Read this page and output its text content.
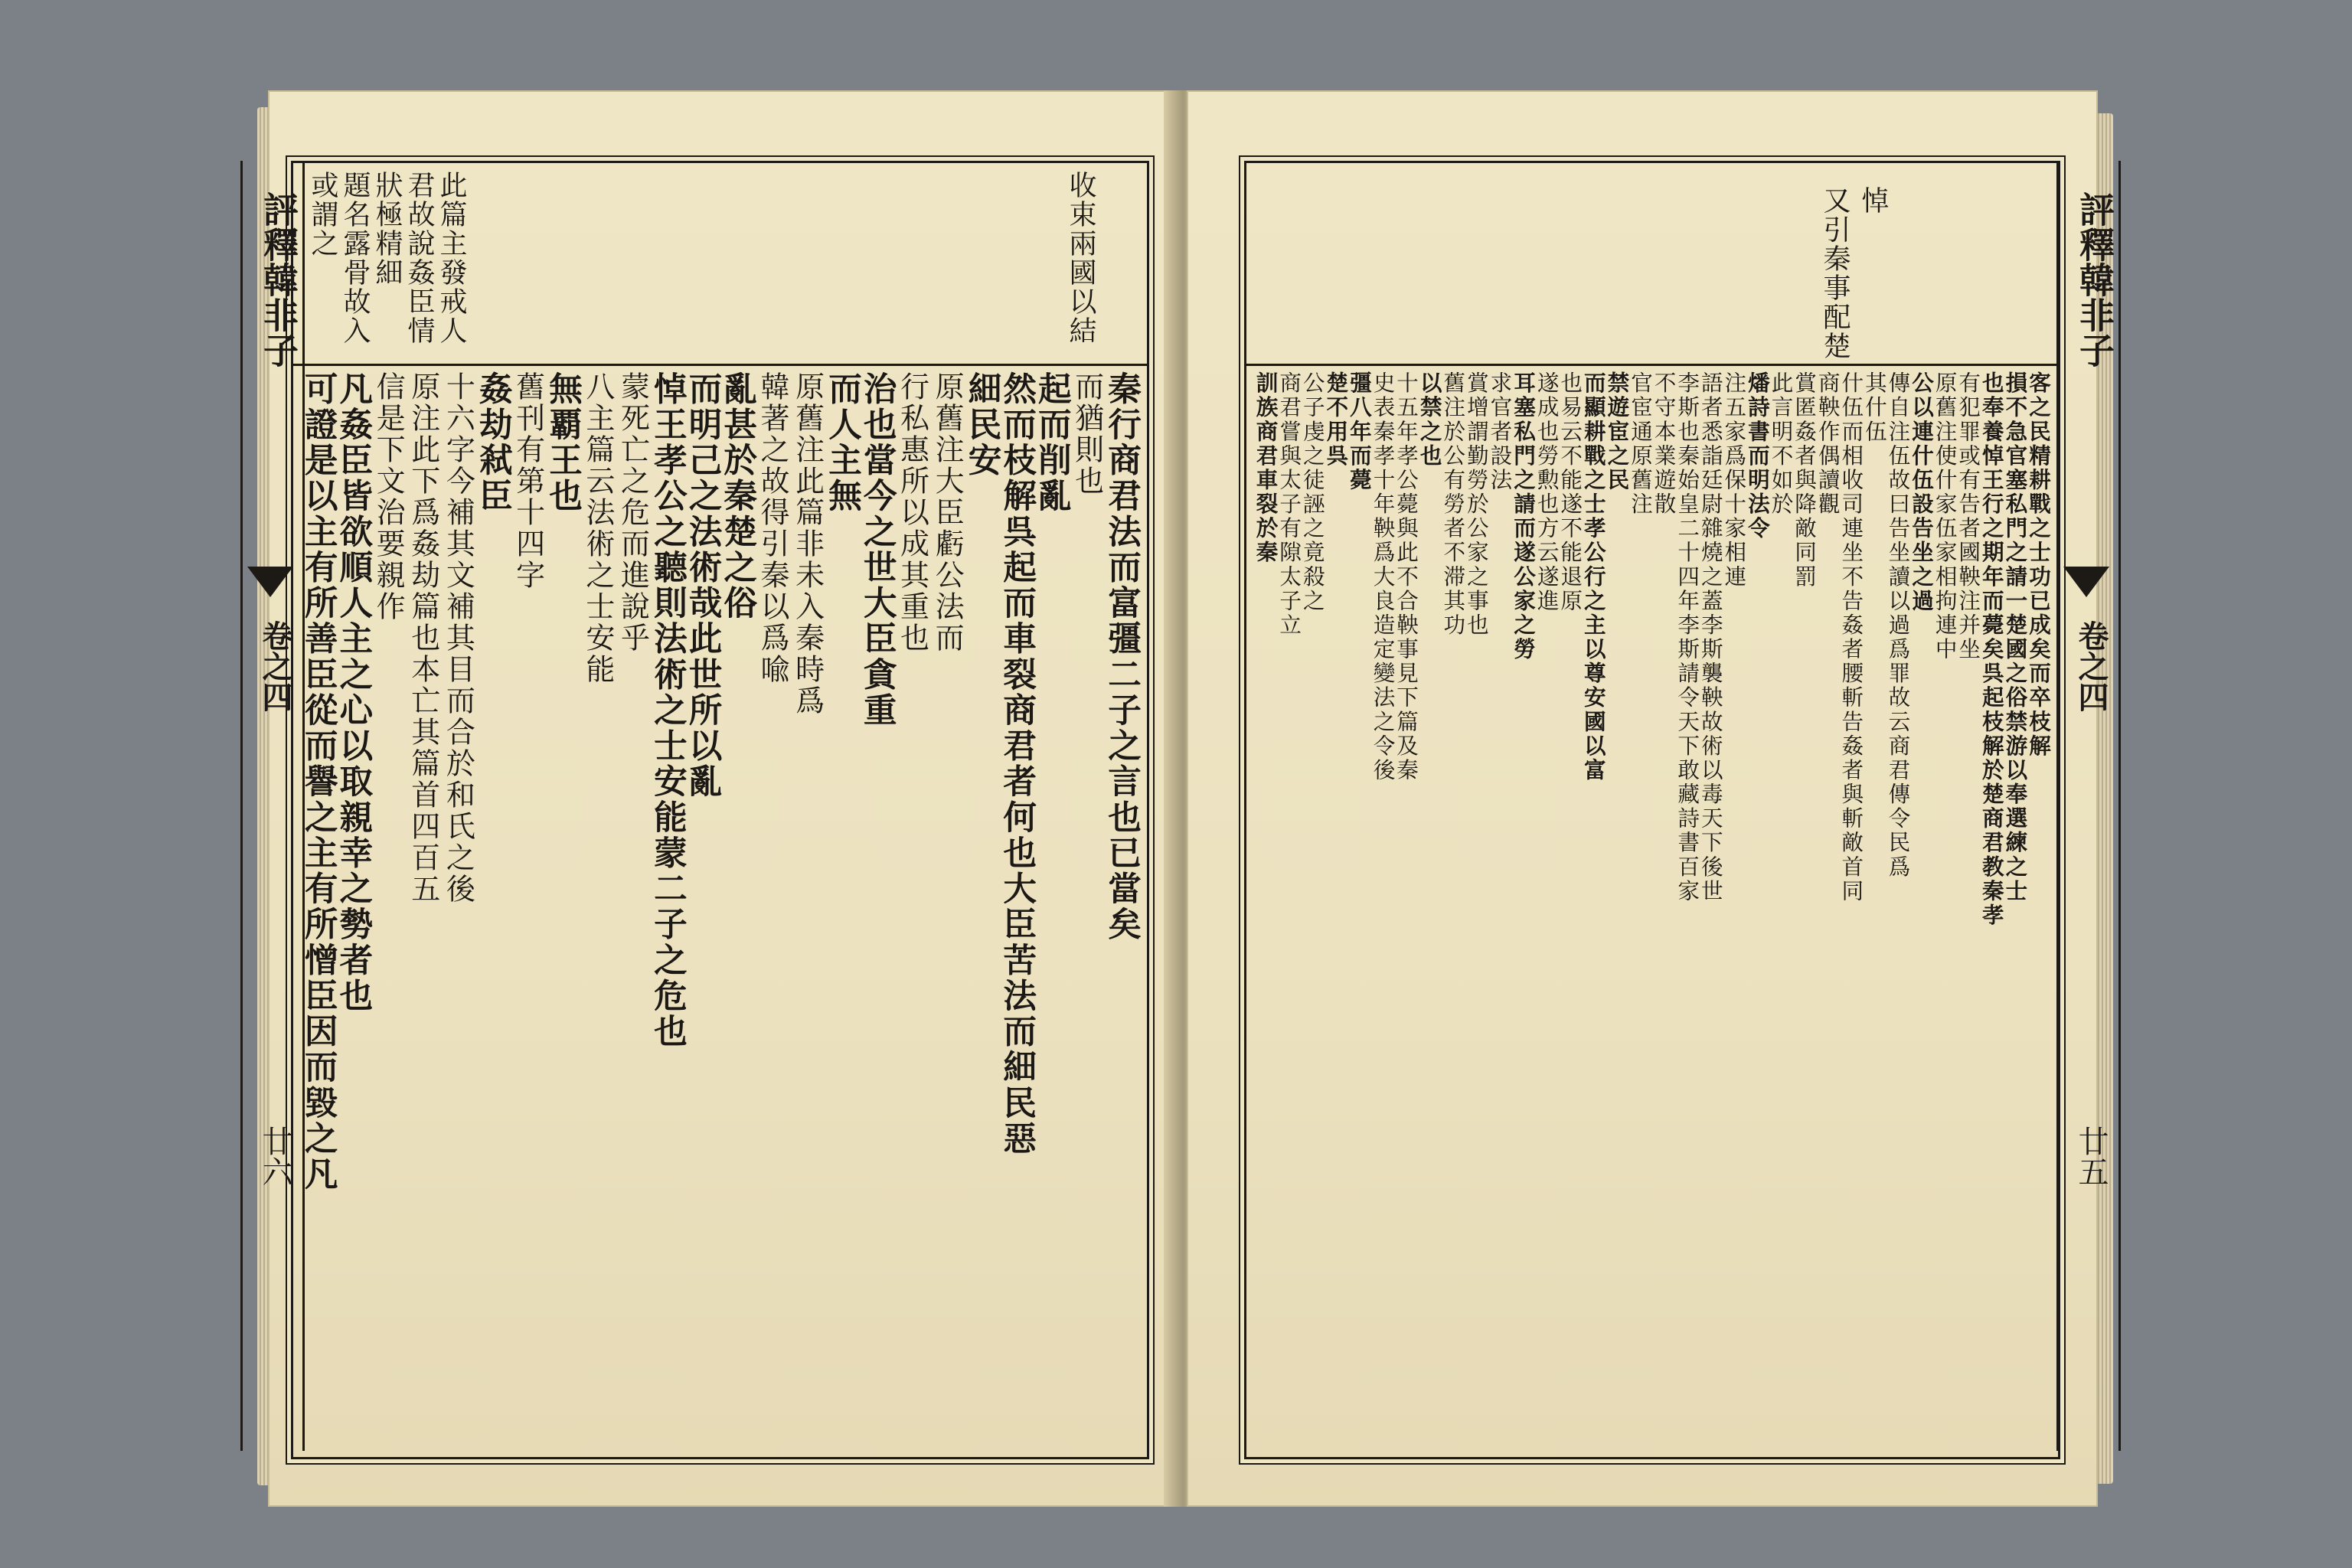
或謂之 題名露骨故入 狀極精細 君故說姦臣情 此篇主發戒人	收束兩國以結
可證是以主有所善臣從而譽之主有所憎臣因而毀之凡
凡姦臣皆欲順人主之心以取親幸之勢者也
信是下文治要親作 原注此下爲姦劫篇也本亡其篇首四百五 十六字今補其文補其目而合於和氏之後
姦劫弒臣
舊刊有第十四字
無覇王也
八主篇云法術之士安能 蒙死亡之危而進說乎
悼王孝公之聽則法術之士安能蒙二子之危也
而明己之法術哉此世所以亂
亂甚於秦楚之俗
韓著之故得引秦以爲喩 原舊注此篇非未入秦時爲
而人主無
治也當今之世大臣貪重
行私惠所以成其重也 原舊注大臣虧公法而
細民安
然而枝解呉起而車裂商君者何也大臣苦法而細民惡
起而削亂
而猶則也
秦行商君法而富彊二子之言也已當矣
評釋韓非子
卷之四
廿六
又引秦事配楚 悼
訓族商君車裂於秦
商君嘗與太子有隙太子立
公子虔之徒誣之竟殺之
楚不用呉
彊八年而薨
史表秦孝十年鞅爲大良造定變法之令後
十五年孝公薨與此不合鞅事見下篇及秦
以禁之也
舊注於公有勞者不滞其功
賞增謂勤勞於公家之事也
求官者設法
耳塞私門之請而遂公家之勞
遂成也勞勲也方云遂進
也易云不能遂不能退原
而顯耕戰之士孝公行之主以尊安國以富
禁遊宦之民
官宦通原舊注
不守本業遊散
李斯也秦始皇二十四年李斯請令天下敢藏詩書百家
語者悉詣廷尉雜燒之蓋李斯襲鞅故術以毒天下後世
注五家爲保十家相連
燔詩書而明法令
此言明不如於
賞匿姦者與降敵同罰
商鞅作偶讀觀
什伍而相收司連坐不告姦者腰斬告姦者與斬敵首同
其什伍
傳自注伍故曰告坐讀以過爲罪故云商君傳令民爲
公以連什伍設告坐之過
原舊注使什家伍家相拘連中
有犯罪或有告者國鞅注并坐
也奉養悼王行之期年而薨矣呉起枝解於楚商君教秦孝
損不急官塞私門之請一楚國之俗禁游以奉選練之士
客之民精耕戰之士功已成矣而卒枝解
評釋韓非子
卷之四
廿五
